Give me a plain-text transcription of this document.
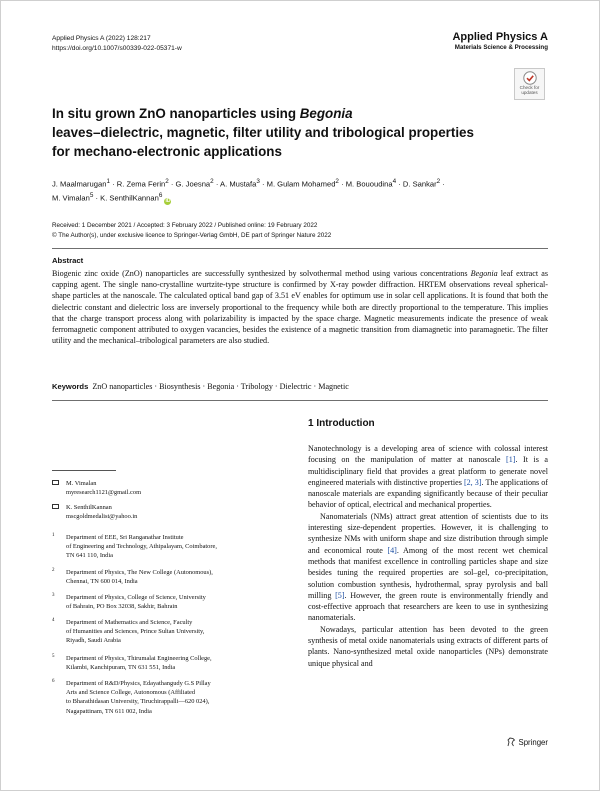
Applied Physics A (2022) 128:217
https://doi.org/10.1007/s00339-022-05371-w
Applied Physics A
Materials Science & Processing
Check for
updates
In situ grown ZnO nanoparticles using Begonia
leaves–dielectric, magnetic, filter utility and tribological properties
for mechano-electronic applications
J. Maalmarugan$^1$ · R. Zema Ferin$^2$ · G. Joesna$^2$ · A. Mustafa$^3$ · M. Gulam Mohamed$^2$ · M. Bououdina$^4$ · D. Sankar$^2$ ·
M. Vimalan$^5$ · K. SenthilKannan$^6$ iD
Received: 1 December 2021 / Accepted: 3 February 2022 / Published online: 19 February 2022
© The Author(s), under exclusive licence to Springer-Verlag GmbH, DE part of Springer Nature 2022
Abstract
Biogenic zinc oxide (ZnO) nanoparticles are successfully synthesized by solvothermal method using various concentrations Begonia leaf extract as capping agent. The single nano-crystalline wurtzite-type structure is confirmed by X-ray powder diffraction. HRTEM observations reveal spherical-shape particles at the nanoscale. The calculated optical band gap of 3.51 eV enables for optimum use in solar cell applications. It is found that both the dielectric constant and dielectric loss are inversely proportional to the frequency while both are directly proportional to the temperature. This implies that the charge transport process along with polarizability is impacted by the space charge. Magnetic measurements indicate the presence of weak ferromagnetic component attributed to oxygen vacancies, besides the existence of a magnetic transition from diamagnetic into paramagnetic. The filter utility and the mechanical–tribological parameters are also studied.
Keywords ZnO nanoparticles · Biosynthesis · Begonia · Tribology · Dielectric · Magnetic
1 Introduction

Nanotechnology is a developing area of science with colossal interest focusing on the manipulation of matter at nanoscale [1]. It is a multidisciplinary field that provides a great platform to generate novel engineered materials with distinctive properties [2, 3]. The applications of nanoscale materials are expanding significantly because of their peculiar behavior of optical, electrical and mechanical properties.

Nanomaterials (NMs) attract great attention of scientists due to its interesting size-dependent properties. However, it is challenging to synthesize NMs with uniform shape and size distribution through simple and economical route [4]. Among of the most recent wet chemical methods that manifest excellence in controlling particles shape and size besides tuning the required properties are sol–gel, co-precipitation, solution combustion synthesis, hydrothermal, spray pyrolysis and ball milling [5]. However, the green route is environmentally friendly and cost-effective approach that researchers are keen to use in synthesizing nanomaterials.

Nowadays, particular attention has been devoted to the green synthesis of metal oxide nanomaterials using extracts of different parts of plants. Nano-synthesized metal oxide nanoparticles (NPs) demonstrate unique physical and

M. Vimalan
myresearch1121@gmail.com
K. SenthilKannan
mscgoldmedalist@yahoo.in
1 Department of EEE, Sri Ranganathar Institute
of Engineering and Technology, Athipalayam, Coimbatore,
TN 641 110, India
2 Department of Physics, The New College (Autonomous),
Chennai, TN 600 014, India
3 Department of Physics, College of Science, University
of Bahrain, PO Box 32038, Sakhir, Bahrain
4 Department of Mathematics and Science, Faculty
of Humanities and Sciences, Prince Sultan University,
Riyadh, Saudi Arabia
5 Department of Physics, Thirumalai Engineering College,
Kilambi, Kanchipuram, TN 631 551, India
6 Department of R&D/Physics, Edayathangudy G.S Pillay
Arts and Science College, Autonomous (Affiliated
to Bharathidasan University, Tiruchirappalli—620 024),
Nagapattinam, TN 611 002, India
Springer
